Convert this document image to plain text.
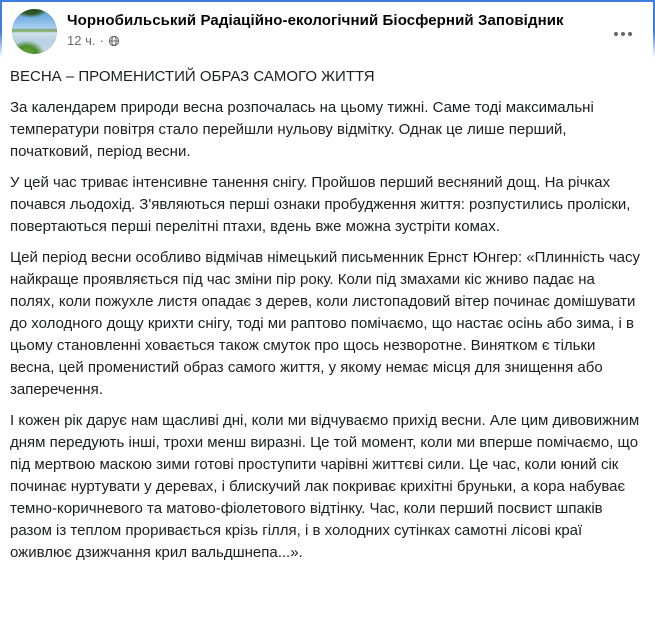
Чорнобильський Радіаційно-екологічний Біосферний Заповідник
12 ч. ·
ВЕСНА – ПРОМЕНИСТИЙ ОБРАЗ САМОГО ЖИТТЯ

За календарем природи весна розпочалась на цьому тижні. Саме тоді максимальні температури повітря стало перейшли нульову відмітку. Однак це лише перший, початковий, період весни.

У цей час триває інтенсивне танення снігу. Пройшов перший весняний дощ. На річках почався льодохід. З'являються перші ознаки пробудження життя: розпустились проліски, повертаються перші перелітні птахи, вдень вже можна зустріти комах.

Цей період весни особливо відмічав німецький письменник Ернст Юнгер: «Плинність часу найкраще проявляється під час зміни пір року. Коли під змахами кіс жниво падає на полях, коли пожухле листя опадає з дерев, коли листопадовий вітер починає домішувати до холодного дощу крихти снігу, тоді ми раптово помічаємо, що настає осінь або зима, і в цьому становленні ховається також смуток про щось незворотне. Винятком є тільки весна, цей променистий образ самого життя, у якому немає місця для знищення або заперечення.

І кожен рік дарує нам щасливі дні, коли ми відчуваємо прихід весни. Але цим дивовижним дням передують інші, трохи менш виразні. Це той момент, коли ми вперше помічаємо, що під мертвою маскою зими готові проступити чарівні життєві сили. Це час, коли юний сік починає нуртувати у деревах, і блискучий лак покриває крихітні бруньки, а кора набуває темно-коричневого та матово-фіолетового відтінку. Час, коли перший посвист шпаків разом із теплом проривається крізь гілля, і в холодних сутінках самотні лісові краї оживлює дзижчання крил вальдшнепа...».
